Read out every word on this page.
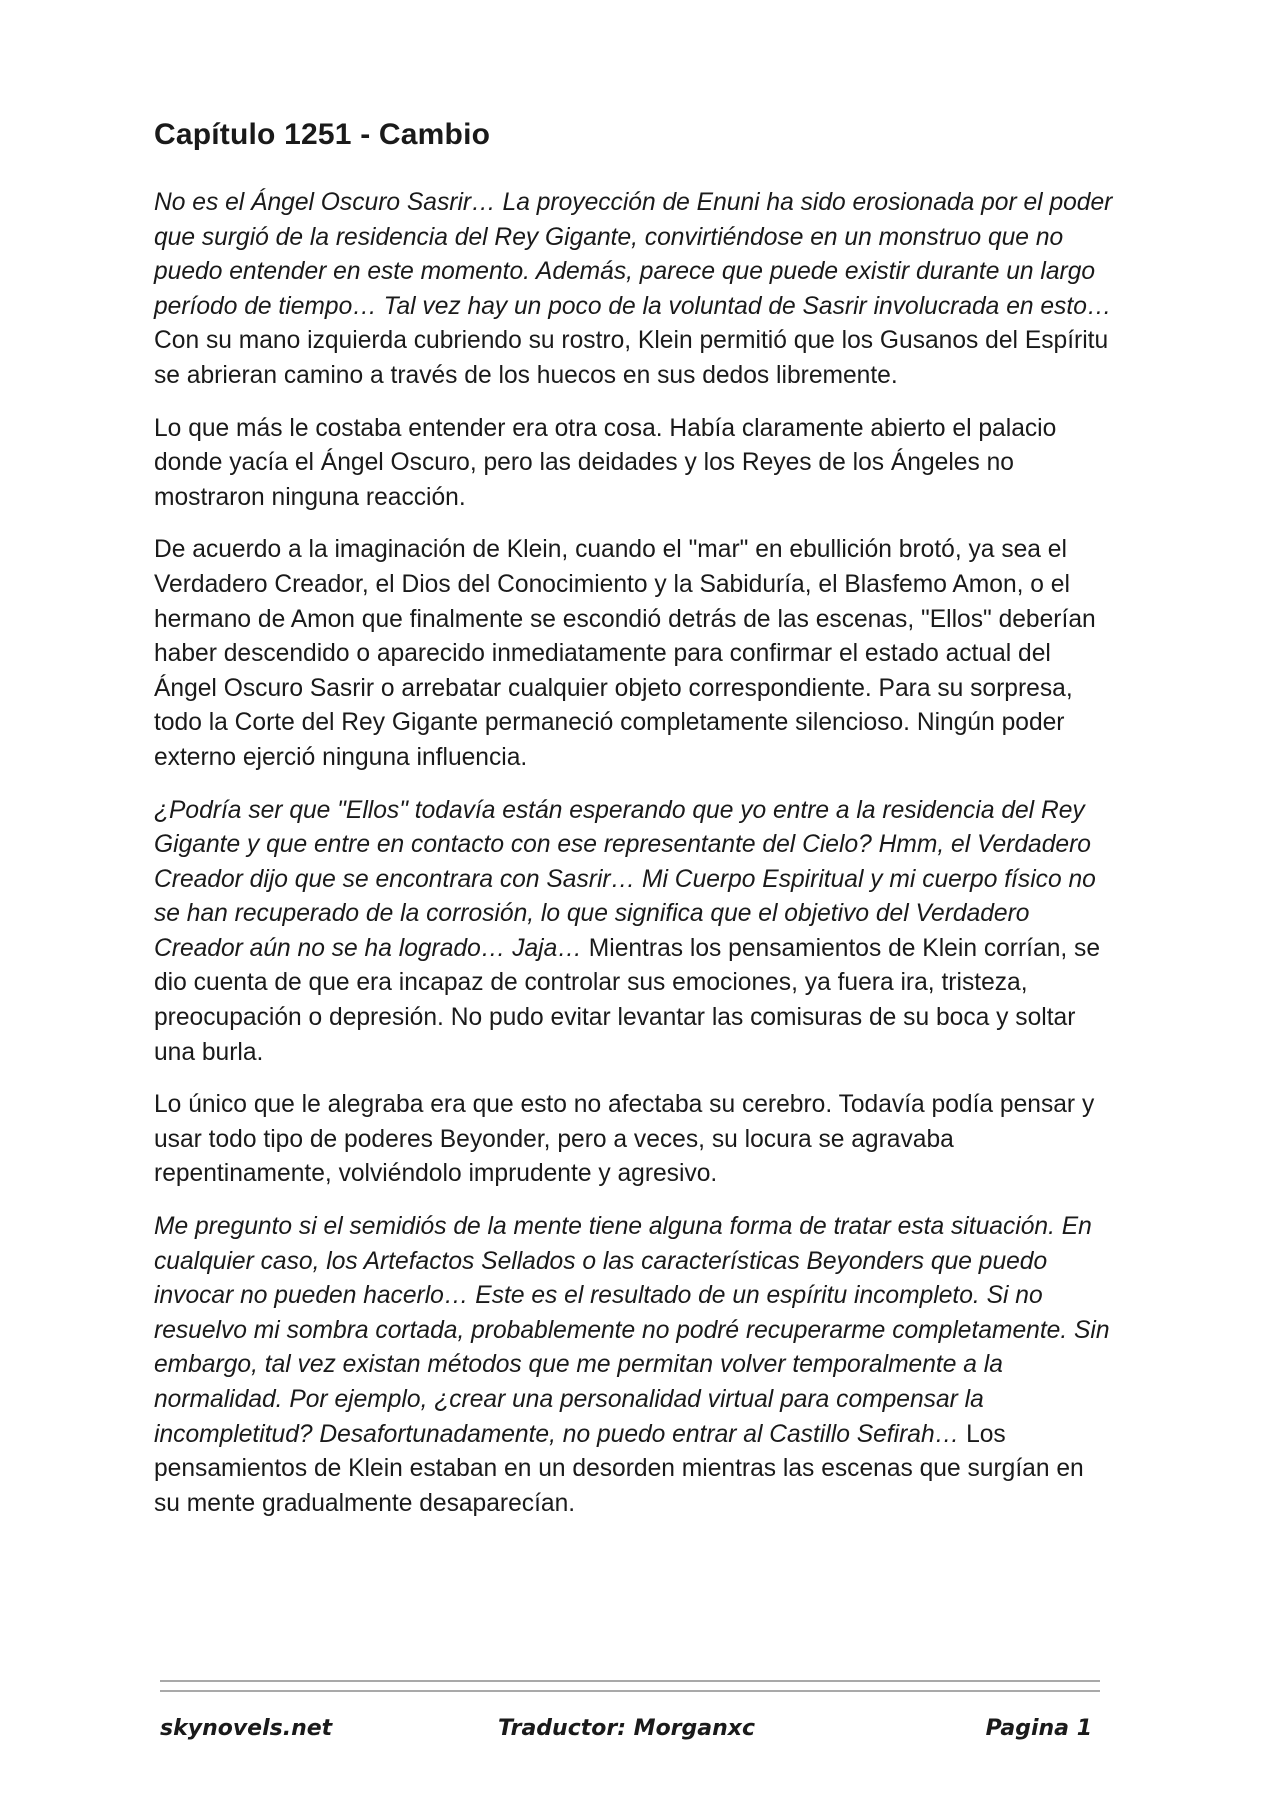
Capítulo 1251 - Cambio

No es el Ángel Oscuro Sasrir… La proyección de Enuni ha sido erosionada por el poder que surgió de la residencia del Rey Gigante, convirtiéndose en un monstruo que no puedo entender en este momento. Además, parece que puede existir durante un largo período de tiempo… Tal vez hay un poco de la voluntad de Sasrir involucrada en esto… Con su mano izquierda cubriendo su rostro, Klein permitió que los Gusanos del Espíritu se abrieran camino a través de los huecos en sus dedos libremente.

Lo que más le costaba entender era otra cosa. Había claramente abierto el palacio donde yacía el Ángel Oscuro, pero las deidades y los Reyes de los Ángeles no mostraron ninguna reacción.

De acuerdo a la imaginación de Klein, cuando el "mar" en ebullición brotó, ya sea el Verdadero Creador, el Dios del Conocimiento y la Sabiduría, el Blasfemo Amon, o el hermano de Amon que finalmente se escondió detrás de las escenas, "Ellos" deberían haber descendido o aparecido inmediatamente para confirmar el estado actual del Ángel Oscuro Sasrir o arrebatar cualquier objeto correspondiente. Para su sorpresa, todo la Corte del Rey Gigante permaneció completamente silencioso. Ningún poder externo ejerció ninguna influencia.

¿Podría ser que "Ellos" todavía están esperando que yo entre a la residencia del Rey Gigante y que entre en contacto con ese representante del Cielo? Hmm, el Verdadero Creador dijo que se encontrara con Sasrir… Mi Cuerpo Espiritual y mi cuerpo físico no se han recuperado de la corrosión, lo que significa que el objetivo del Verdadero Creador aún no se ha logrado… Jaja… Mientras los pensamientos de Klein corrían, se dio cuenta de que era incapaz de controlar sus emociones, ya fuera ira, tristeza, preocupación o depresión. No pudo evitar levantar las comisuras de su boca y soltar una burla.

Lo único que le alegraba era que esto no afectaba su cerebro. Todavía podía pensar y usar todo tipo de poderes Beyonder, pero a veces, su locura se agravaba repentinamente, volviéndolo imprudente y agresivo.

Me pregunto si el semidiós de la mente tiene alguna forma de tratar esta situación. En cualquier caso, los Artefactos Sellados o las características Beyonders que puedo invocar no pueden hacerlo… Este es el resultado de un espíritu incompleto. Si no resuelvo mi sombra cortada, probablemente no podré recuperarme completamente. Sin embargo, tal vez existan métodos que me permitan volver temporalmente a la normalidad. Por ejemplo, ¿crear una personalidad virtual para compensar la incompletitud? Desafortunadamente, no puedo entrar al Castillo Sefirah… Los pensamientos de Klein estaban en un desorden mientras las escenas que surgían en su mente gradualmente desaparecían.

skynovels.net	Traductor: Morganxc	Pagina 1
